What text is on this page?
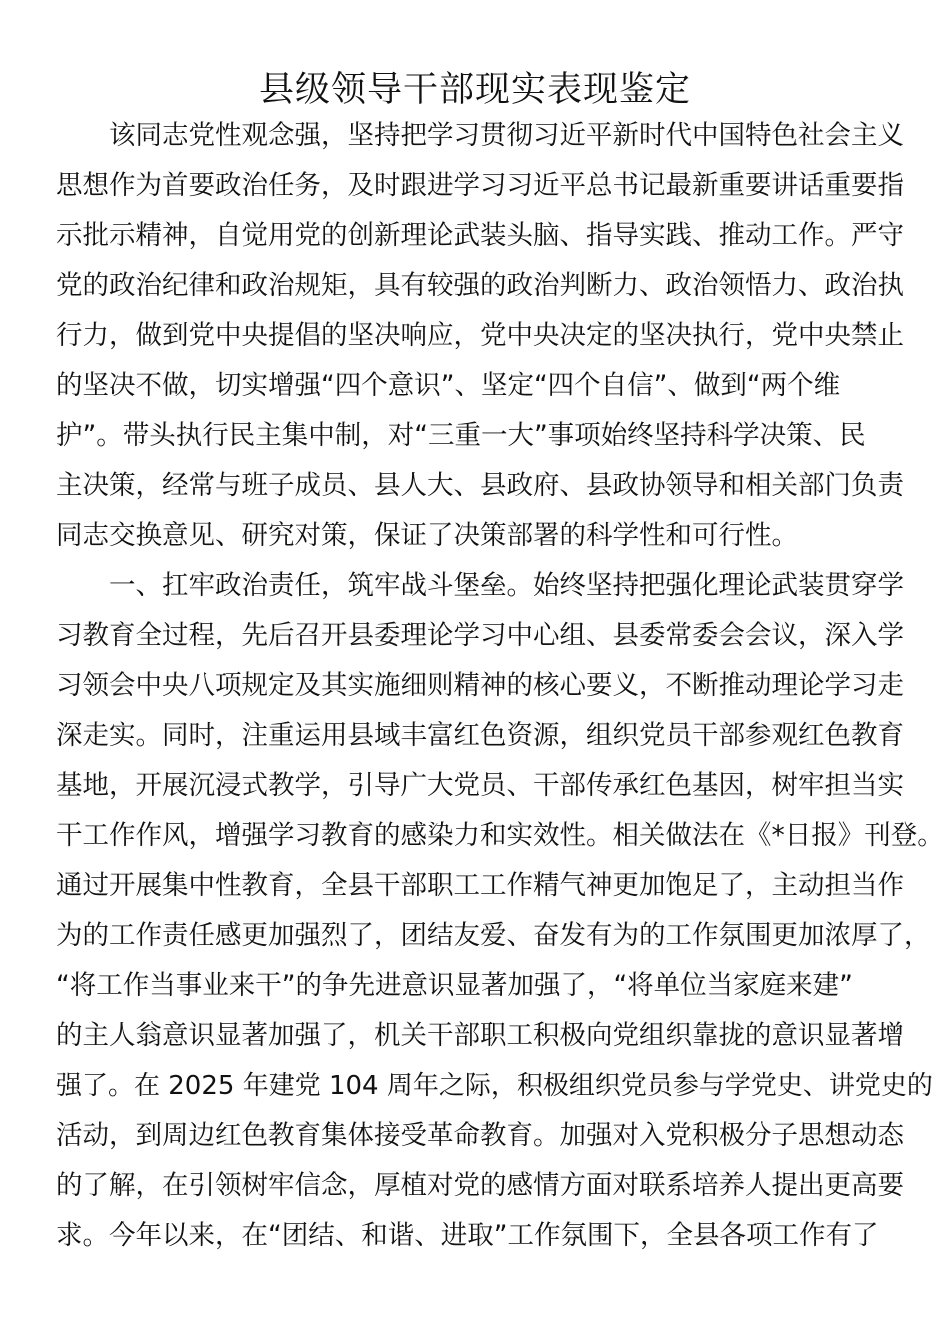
县级领导干部现实表现鉴定
　　该同志党性观念强，坚持把学习贯彻习近平新时代中国特色社会主义
思想作为首要政治任务，及时跟进学习习近平总书记最新重要讲话重要指
示批示精神，自觉用党的创新理论武装头脑、指导实践、推动工作。严守
党的政治纪律和政治规矩，具有较强的政治判断力、政治领悟力、政治执
行力，做到党中央提倡的坚决响应，党中央决定的坚决执行，党中央禁止
的坚决不做，切实增强“四个意识”、坚定“四个自信”、做到“两个维
护”。带头执行民主集中制，对“三重一大”事项始终坚持科学决策、民
主决策，经常与班子成员、县人大、县政府、县政协领导和相关部门负责
同志交换意见、研究对策，保证了决策部署的科学性和可行性。
　　一、扛牢政治责任，筑牢战斗堡垒。始终坚持把强化理论武装贯穿学
习教育全过程，先后召开县委理论学习中心组、县委常委会会议，深入学
习领会中央八项规定及其实施细则精神的核心要义，不断推动理论学习走
深走实。同时，注重运用县域丰富红色资源，组织党员干部参观红色教育
基地，开展沉浸式教学，引导广大党员、干部传承红色基因，树牢担当实
干工作作风，增强学习教育的感染力和实效性。相关做法在《*日报》刊登。
通过开展集中性教育，全县干部职工工作精气神更加饱足了，主动担当作
为的工作责任感更加强烈了，团结友爱、奋发有为的工作氛围更加浓厚了，
“将工作当事业来干”的争先进意识显著加强了，“将单位当家庭来建”
的主人翁意识显著加强了，机关干部职工积极向党组织靠拢的意识显著增
强了。在 2025 年建党 104 周年之际，积极组织党员参与学党史、讲党史的
活动，到周边红色教育集体接受革命教育。加强对入党积极分子思想动态
的了解，在引领树牢信念，厚植对党的感情方面对联系培养人提出更高要
求。今年以来，在“团结、和谐、进取”工作氛围下，全县各项工作有了
